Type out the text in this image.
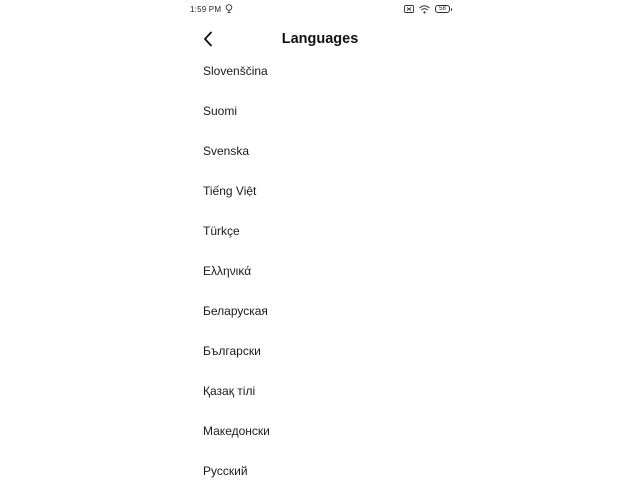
1:59 PM	58
Languages
Slovenščina
Suomi
Svenska
Tiếng Việt
Türkçe
Ελληνικά
Беларуская
Български
Қазақ тілі
Македонски
Русский
